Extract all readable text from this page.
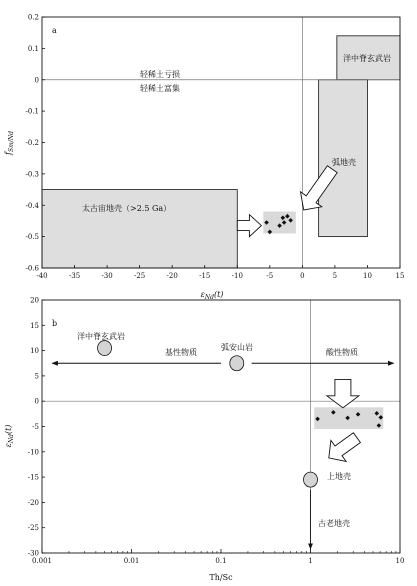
-40	-35	-30	-25	-20	-15	-10	-5	0	5	10	15
0.2
0.1
0
-0.1
-0.2
-0.3
-0.4
-0.5
-0.6
a
轻稀土亏损
轻稀土富集
洋中脊玄武岩
弧地壳
太古宙地壳（>2.5 Ga）
$\varepsilon_{Nd}(t)$
$f_{Sm/Nd}$
0.001	0.01	0.1	1	10
20
15
10
5
0
-5
-10
-15
-20
-25
-30
b
基性物质	酸性物质
古老地壳
洋中脊玄武岩
弧安山岩
上地壳
Th/Sc
$\varepsilon_{Nd}(t)$
